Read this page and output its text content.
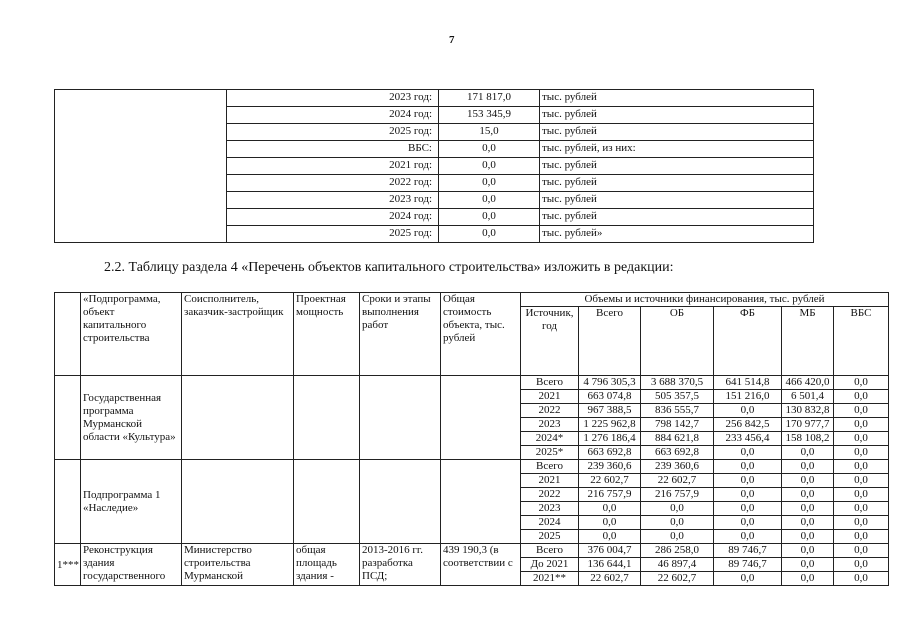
7
	2023 год:	171 817,0	тыс. рублей
	2024 год:	153 345,9	тыс. рублей
	2025 год:	15,0	тыс. рублей
	ВБС:	0,0	тыс. рублей, из них:
	2021 год:	0,0	тыс. рублей
	2022 год:	0,0	тыс. рублей
	2023 год:	0,0	тыс. рублей
	2024 год:	0,0	тыс. рублей
	2025 год:	0,0	тыс. рублей»
2.2. Таблицу раздела 4 «Перечень объектов капитального строительства» изложить в редакции:
	«Подпрограмма, объект капитального строительства	Соисполнитель, заказчик-застройщик	Проектная мощность	Сроки и этапы выполнения работ	Общая стоимость объекта, тыс. рублей	Объемы и источники финансирования, тыс. рублей					
						Источник, год	Всего	ОБ	ФБ	МБ	ВБС
	Государственная программа Мурманской области «Культура»					Всего	4 796 305,3	3 688 370,5	641 514,8	466 420,0	0,0
						2021	663 074,8	505 357,5	151 216,0	6 501,4	0,0
						2022	967 388,5	836 555,7	0,0	130 832,8	0,0
						2023	1 225 962,8	798 142,7	256 842,5	170 977,7	0,0
						2024*	1 276 186,4	884 621,8	233 456,4	158 108,2	0,0
						2025*	663 692,8	663 692,8	0,0	0,0	0,0
	Подпрограмма 1 «Наследие»					Всего	239 360,6	239 360,6	0,0	0,0	0,0
						2021	22 602,7	22 602,7	0,0	0,0	0,0
						2022	216 757,9	216 757,9	0,0	0,0	0,0
						2023	0,0	0,0	0,0	0,0	0,0
						2024	0,0	0,0	0,0	0,0	0,0
						2025	0,0	0,0	0,0	0,0	0,0
1***	Реконструкция здания государственного	Министерство строительства Мурманской	общая площадь здания -	2013-2016 гг. разработка ПСД;	439 190,3 (в соответствии с	Всего	376 004,7	286 258,0	89 746,7	0,0	0,0
						До 2021	136 644,1	46 897,4	89 746,7	0,0	0,0
						2021**	22 602,7	22 602,7	0,0	0,0	0,0
